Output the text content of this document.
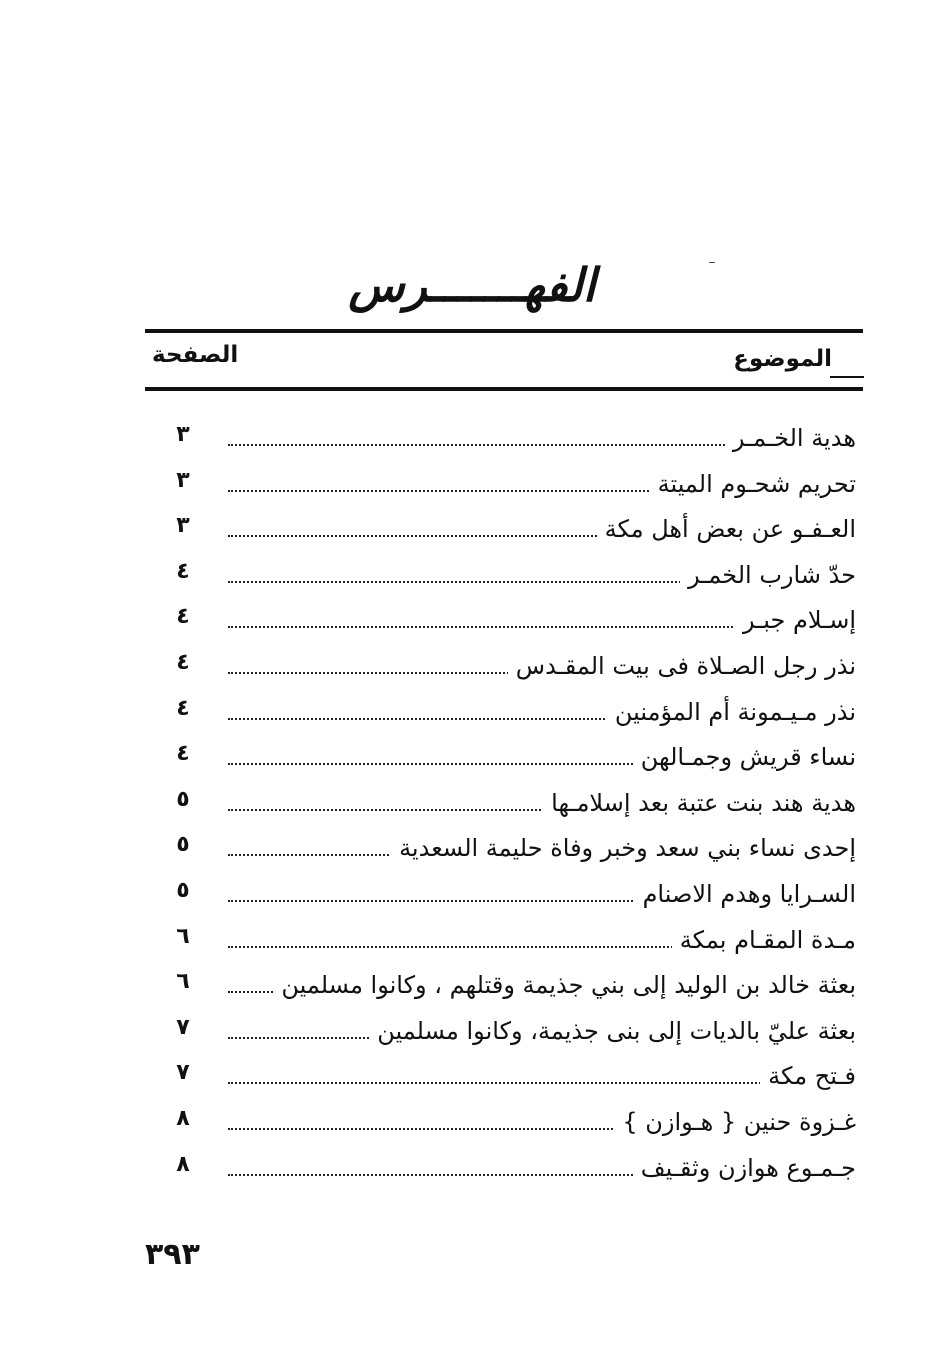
الفهـــــــرس
الموضوع
الصفحة
هدية الخـمـر
٣
تحريم شحـوم الميتة
٣
العـفـو عن بعض أهل مكة
٣
حدّ شارب الخمـر
٤
إسـلام جبـر
٤
نذر رجل الصـلاة فى بيت المقـدس
٤
نذر مـيـمونة أم المؤمنين
٤
نساء قريش وجمـالهن
٤
هدية هند بنت عتبة بعد إسلامـها
٥
إحدى نساء بني سعد وخبر وفاة حليمة السعدية
٥
السـرايا وهدم الاصنام
٥
مـدة المقـام بمكة
٦
بعثة خالد بن الوليد إلى بني جذيمة وقتلهم ، وكانوا مسلمين
٦
بعثة عليّ بالديات إلى بنى جذيمة، وكانوا مسلمين
٧
فـتح مكة
٧
غـزوة حنين { هـوازن }
٨
جـمـوع هوازن وثقـيف
٨
٣٩٣
